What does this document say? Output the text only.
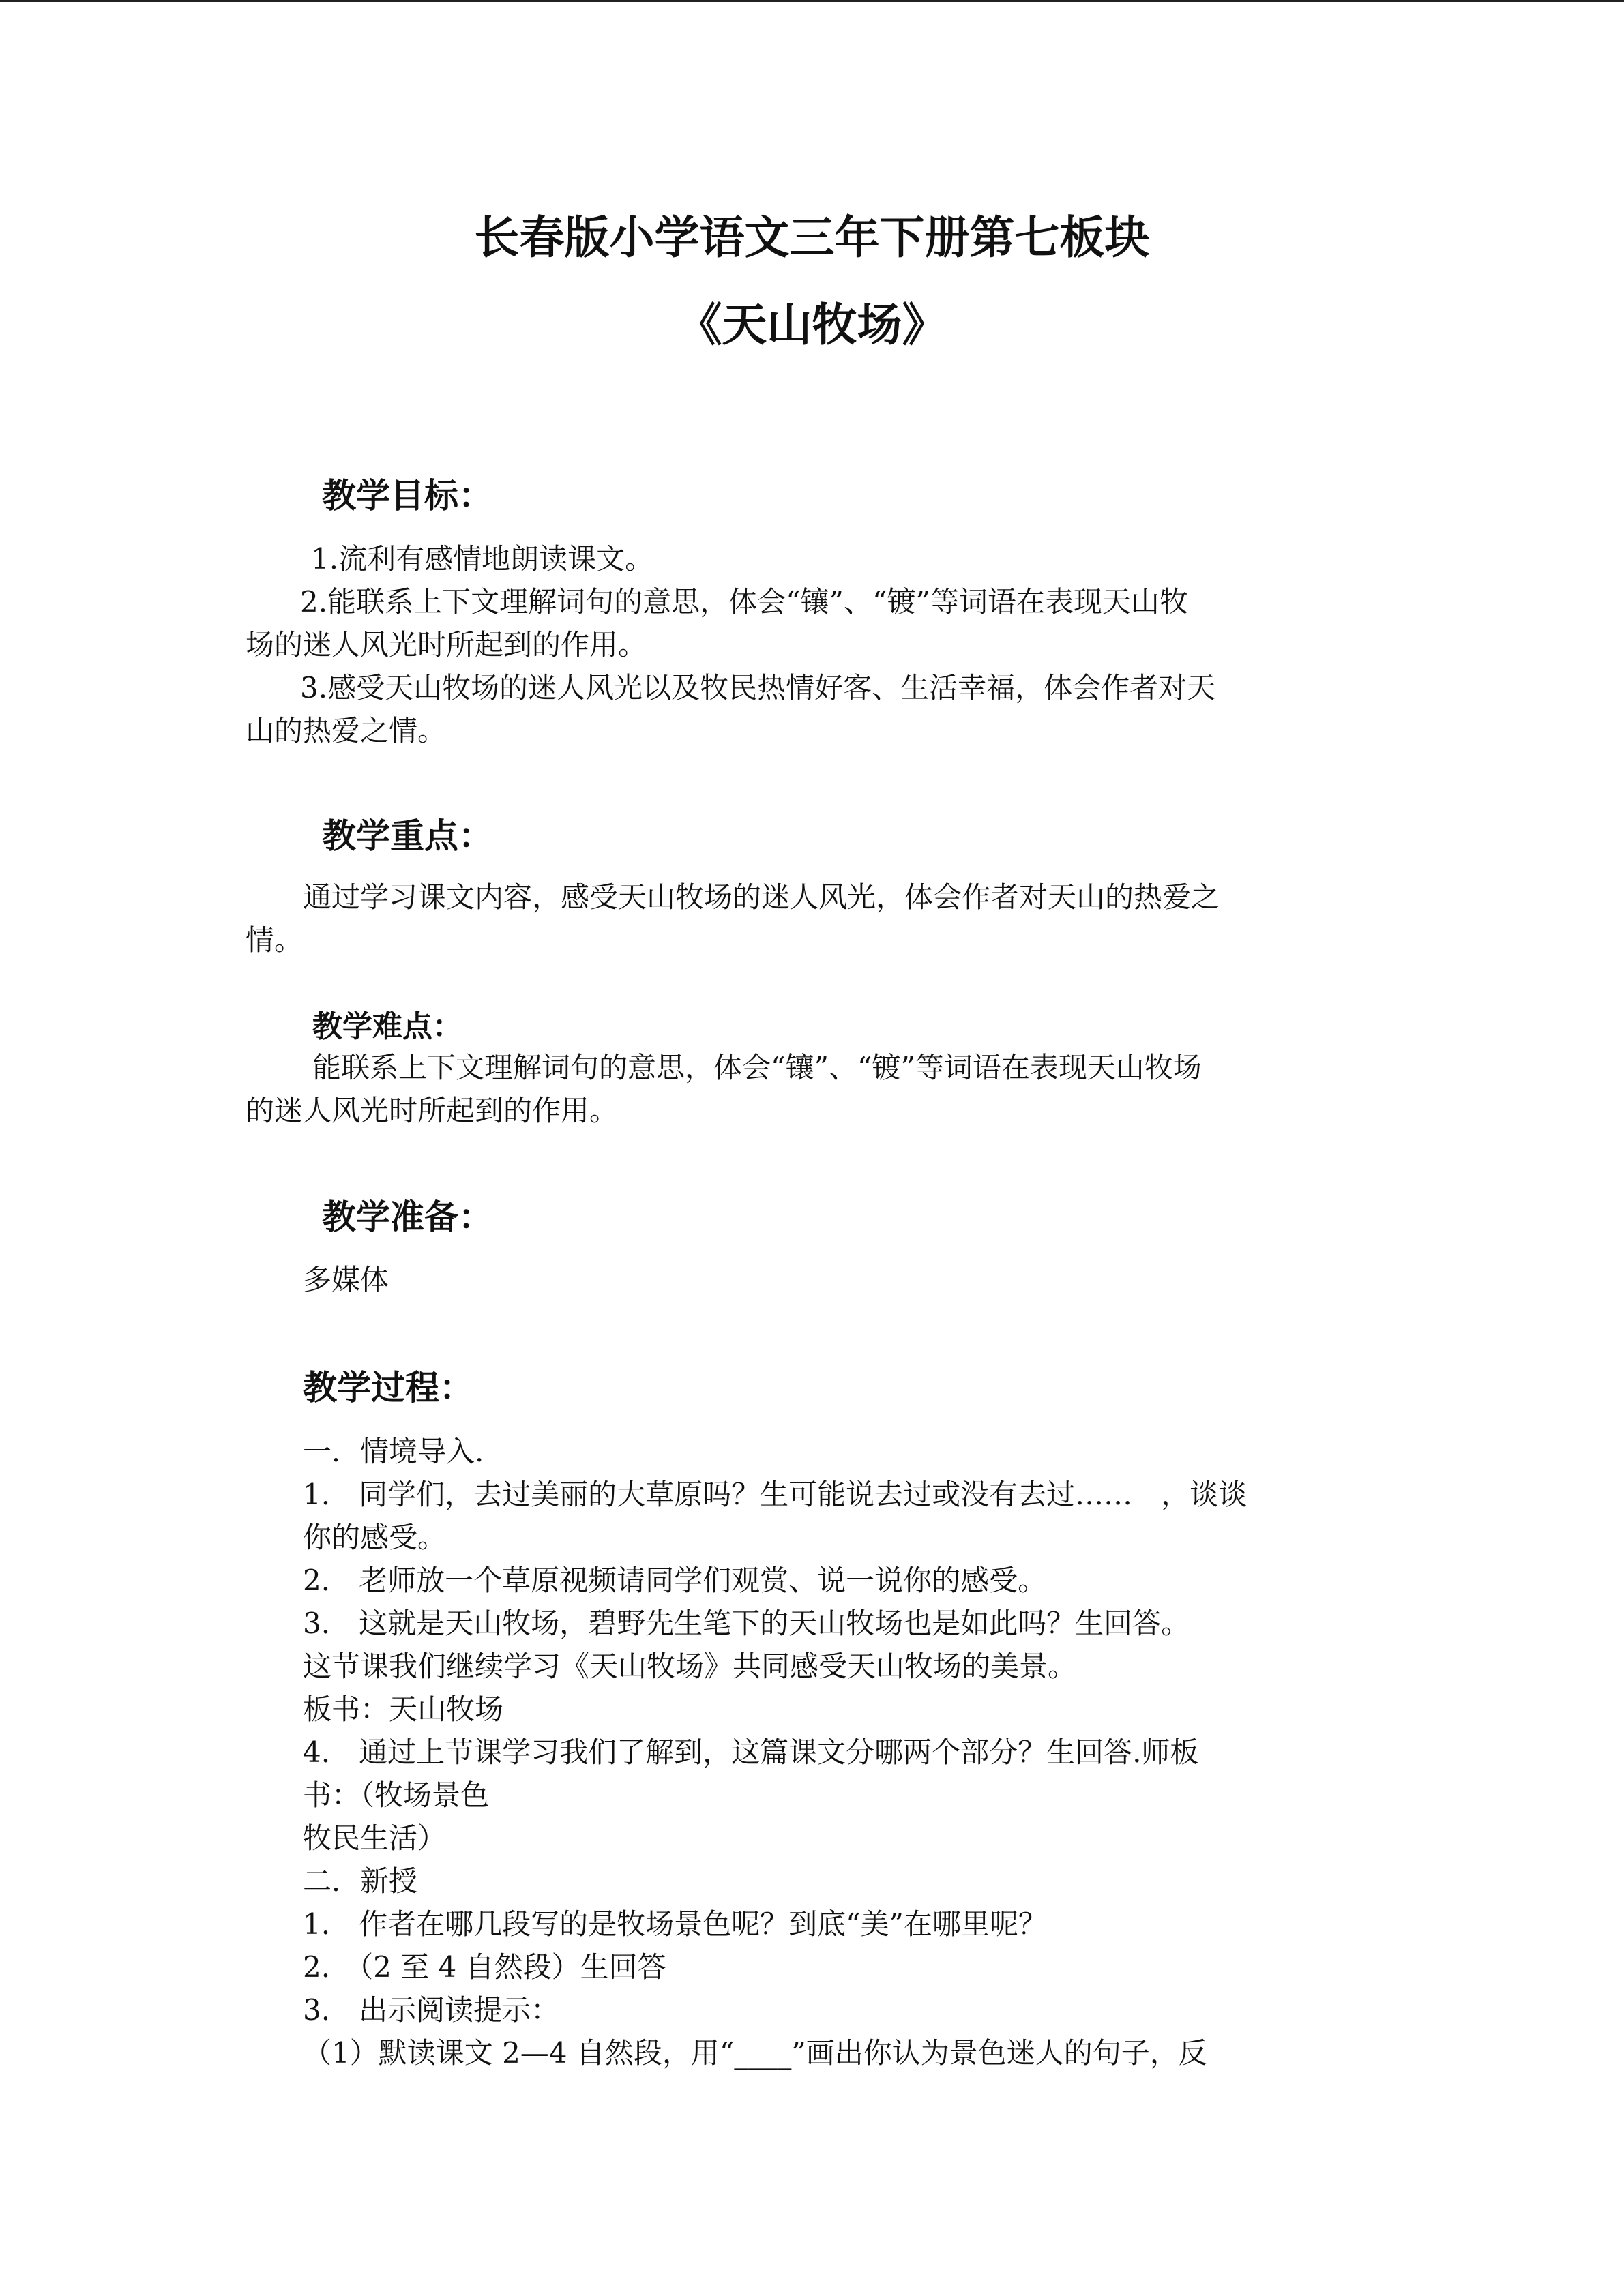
长春版小学语文三年下册第七板块
《天山牧场》
教学目标：
1.流利有感情地朗读课文。
2.能联系上下文理解词句的意思，体会“镶”、“镀”等词语在表现天山牧
场的迷人风光时所起到的作用。
3.感受天山牧场的迷人风光以及牧民热情好客、生活幸福，体会作者对天
山的热爱之情。
教学重点：
通过学习课文内容，感受天山牧场的迷人风光，体会作者对天山的热爱之
情。
教学难点：
能联系上下文理解词句的意思，体会“镶”、“镀”等词语在表现天山牧场
的迷人风光时所起到的作用。
教学准备：
多媒体
教学过程：
一．情境导入.
1.　同学们，去过美丽的大草原吗？生可能说去过或没有去过……　，谈谈
你的感受。
2.　老师放一个草原视频请同学们观赏、说一说你的感受。
3.　这就是天山牧场，碧野先生笔下的天山牧场也是如此吗？生回答。
这节课我们继续学习《天山牧场》共同感受天山牧场的美景。
板书：天山牧场
4.　通过上节课学习我们了解到，这篇课文分哪两个部分？生回答.师板
书：（牧场景色
牧民生活）
二．新授
1.　作者在哪几段写的是牧场景色呢？到底“美”在哪里呢？
2.　（2 至 4 自然段）生回答
3.　出示阅读提示：
（1）默读课文 2—4 自然段，用“____”画出你认为景色迷人的句子，反
